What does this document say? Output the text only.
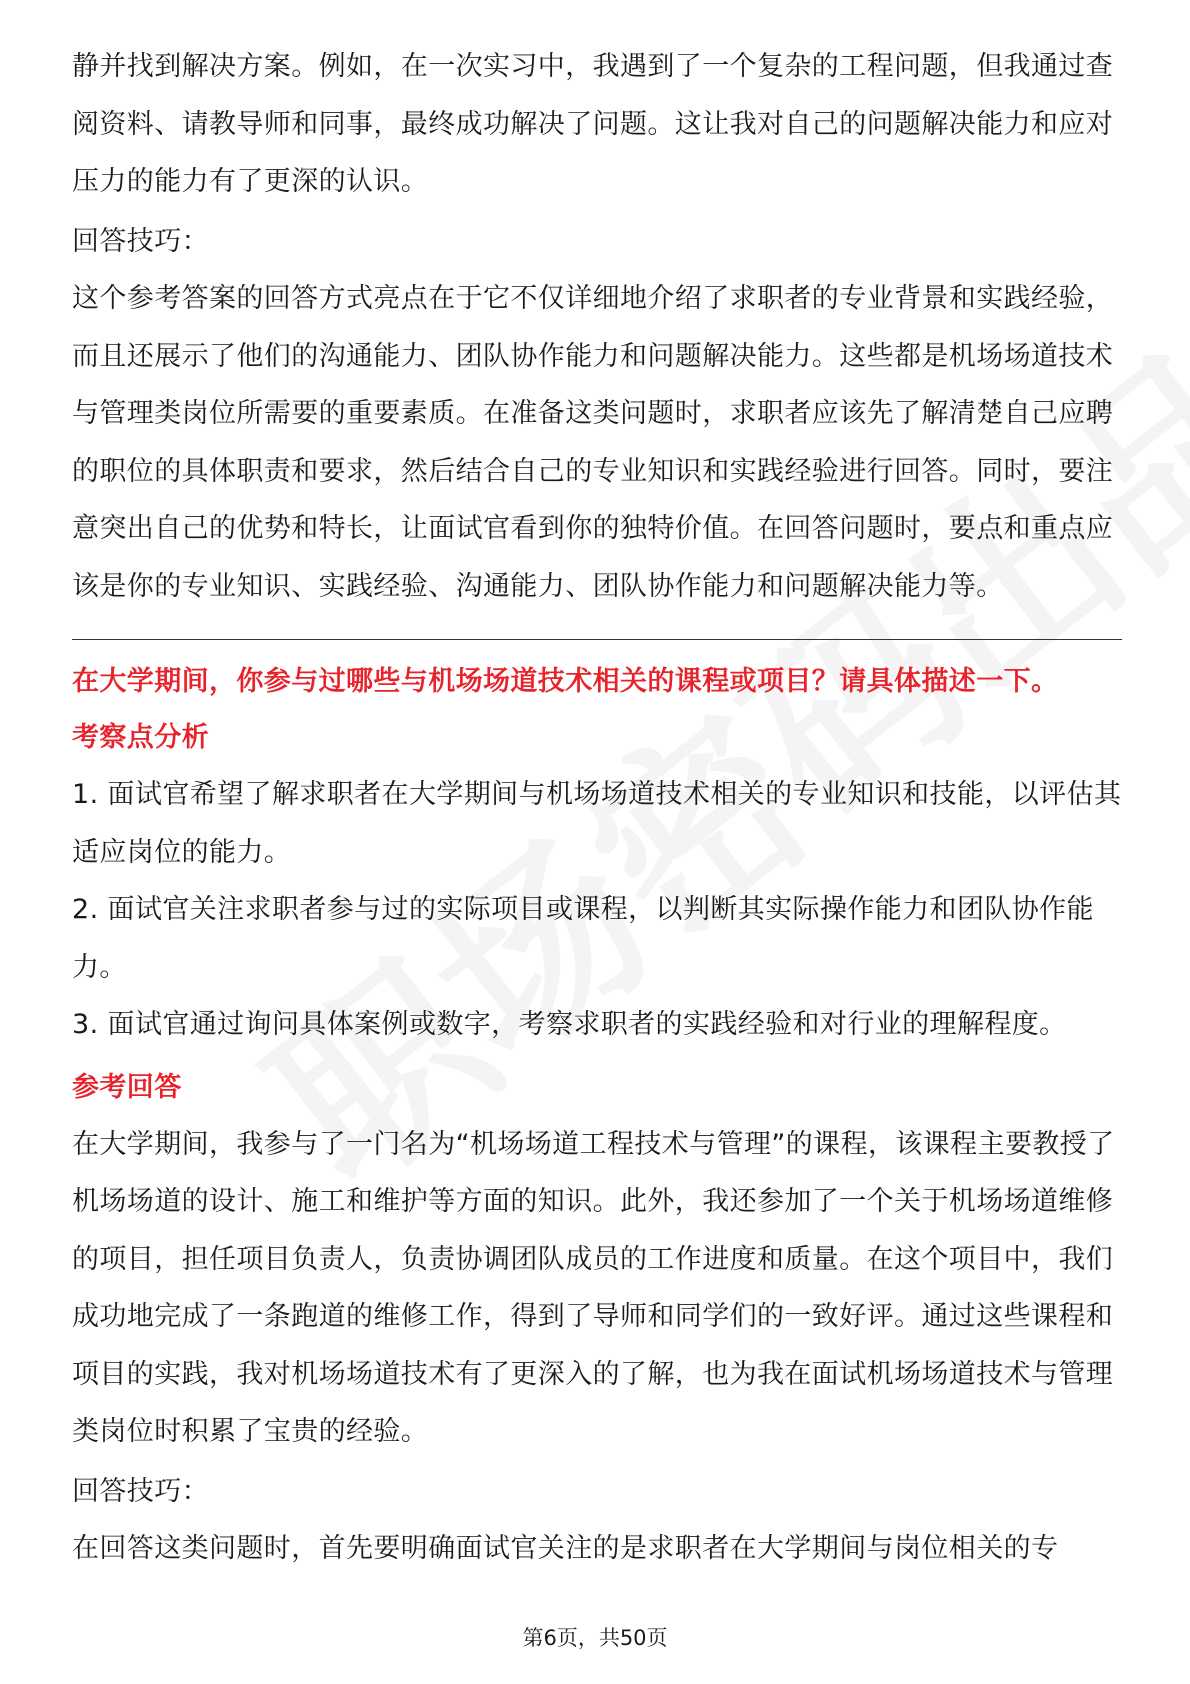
静并找到解决方案。例如，在一次实习中，我遇到了一个复杂的工程问题，但我通过查阅资料、请教导师和同事，最终成功解决了问题。这让我对自己的问题解决能力和应对压力的能力有了更深的认识。

回答技巧：

这个参考答案的回答方式亮点在于它不仅详细地介绍了求职者的专业背景和实践经验，而且还展示了他们的沟通能力、团队协作能力和问题解决能力。这些都是机场场道技术与管理类岗位所需要的重要素质。在准备这类问题时，求职者应该先了解清楚自己应聘的职位的具体职责和要求，然后结合自己的专业知识和实践经验进行回答。同时，要注意突出自己的优势和特长，让面试官看到你的独特价值。在回答问题时，要点和重点应该是你的专业知识、实践经验、沟通能力、团队协作能力和问题解决能力等。

在大学期间，你参与过哪些与机场场道技术相关的课程或项目？请具体描述一下。

考察点分析

1. 面试官希望了解求职者在大学期间与机场场道技术相关的专业知识和技能，以评估其适应岗位的能力。

2. 面试官关注求职者参与过的实际项目或课程，以判断其实际操作能力和团队协作能力。

3. 面试官通过询问具体案例或数字，考察求职者的实践经验和对行业的理解程度。

参考回答

在大学期间，我参与了一门名为“机场场道工程技术与管理”的课程，该课程主要教授了机场场道的设计、施工和维护等方面的知识。此外，我还参加了一个关于机场场道维修的项目，担任项目负责人，负责协调团队成员的工作进度和质量。在这个项目中，我们成功地完成了一条跑道的维修工作，得到了导师和同学们的一致好评。通过这些课程和项目的实践，我对机场场道技术有了更深入的了解，也为我在面试机场场道技术与管理类岗位时积累了宝贵的经验。

回答技巧：

在回答这类问题时，首先要明确面试官关注的是求职者在大学期间与岗位相关的专

第6页，共50页
